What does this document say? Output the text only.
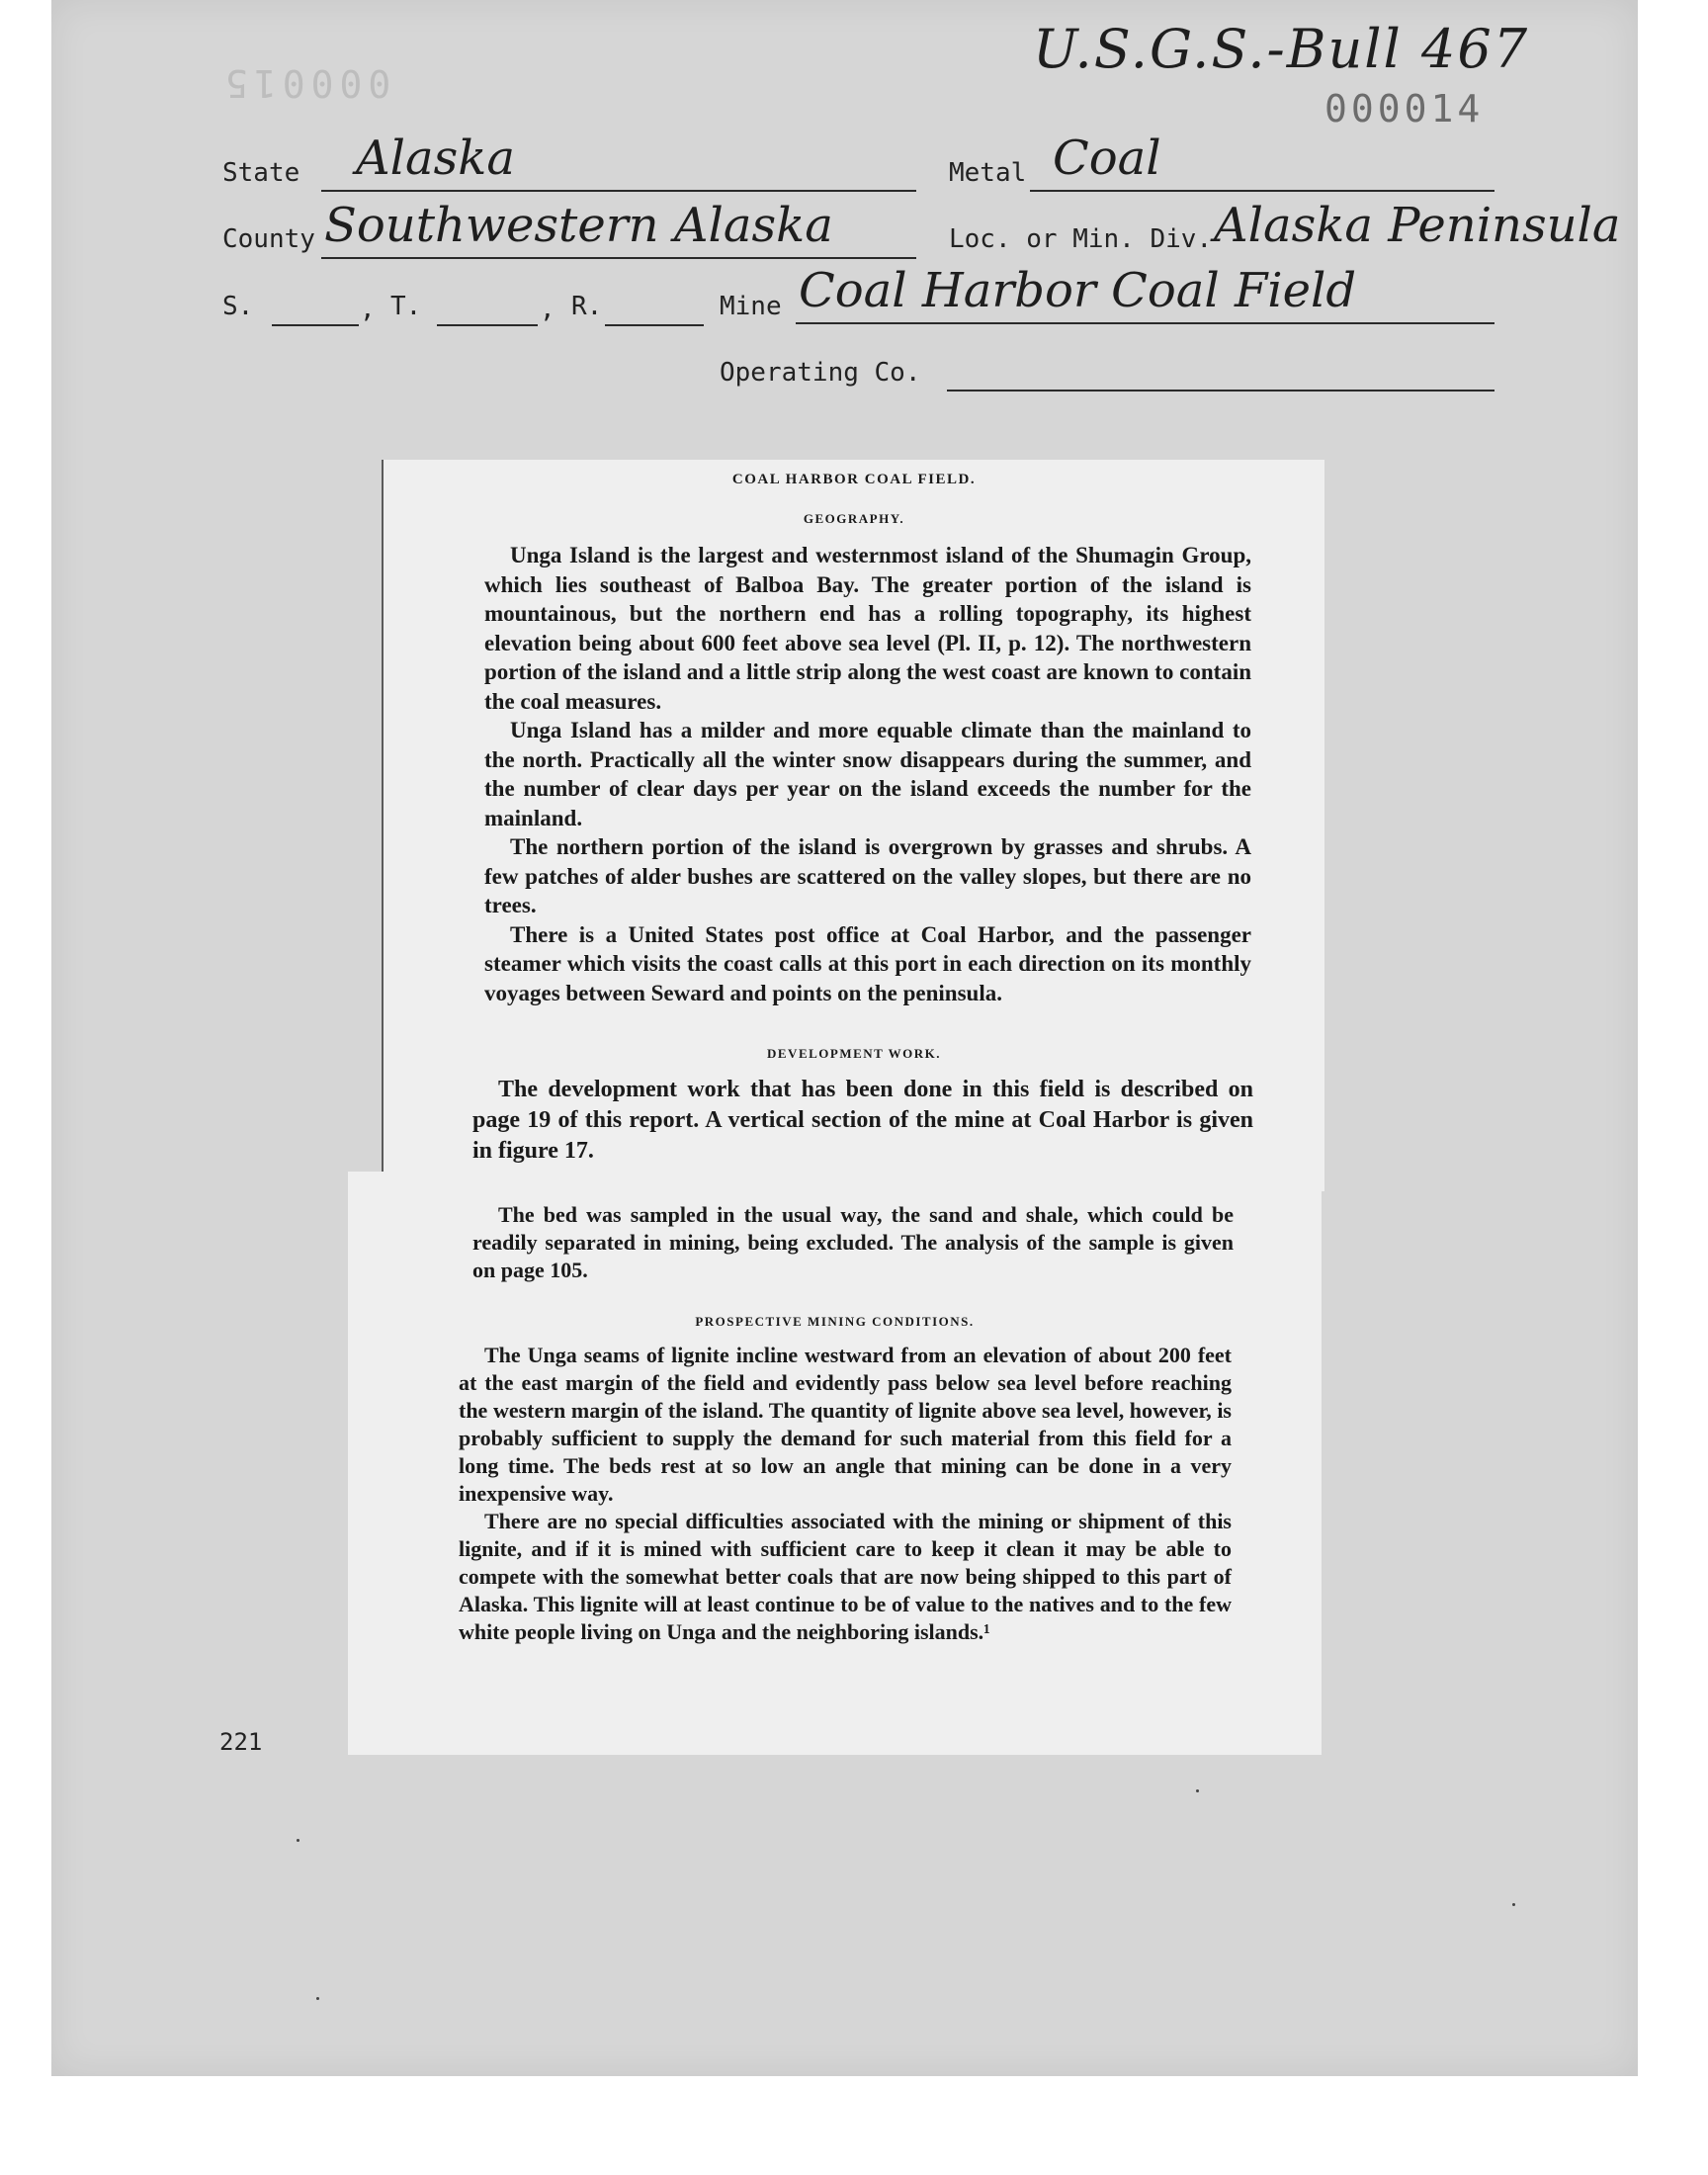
U.S.G.S.-Bull 467
000014
000015
State Alaska	Metal Coal
County Southwestern Alaska	Loc. or Min. Div. Alaska Peninsula
S.	, T.	, R.	Mine Coal Harbor Coal Field
Operating Co.
COAL HARBOR COAL FIELD.
GEOGRAPHY.

Unga Island is the largest and westernmost island of the Shumagin Group, which lies southeast of Balboa Bay. The greater portion of the island is mountainous, but the northern end has a rolling topography, its highest elevation being about 600 feet above sea level (Pl. II, p. 12). The northwestern portion of the island and a little strip along the west coast are known to contain the coal measures.

Unga Island has a milder and more equable climate than the mainland to the north. Practically all the winter snow disappears during the summer, and the number of clear days per year on the island exceeds the number for the mainland.

The northern portion of the island is overgrown by grasses and shrubs. A few patches of alder bushes are scattered on the valley slopes, but there are no trees.

There is a United States post office at Coal Harbor, and the passenger steamer which visits the coast calls at this port in each direction on its monthly voyages between Seward and points on the peninsula.

DEVELOPMENT WORK.

The development work that has been done in this field is described on page 19 of this report. A vertical section of the mine at Coal Harbor is given in figure 17.

The bed was sampled in the usual way, the sand and shale, which could be readily separated in mining, being excluded. The analysis of the sample is given on page 105.

PROSPECTIVE MINING CONDITIONS.

The Unga seams of lignite incline westward from an elevation of about 200 feet at the east margin of the field and evidently pass below sea level before reaching the western margin of the island. The quantity of lignite above sea level, however, is probably sufficient to supply the demand for such material from this field for a long time. The beds rest at so low an angle that mining can be done in a very inexpensive way.

There are no special difficulties associated with the mining or shipment of this lignite, and if it is mined with sufficient care to keep it clean it may be able to compete with the somewhat better coals that are now being shipped to this part of Alaska. This lignite will at least continue to be of value to the natives and to the few white people living on Unga and the neighboring islands.¹

221
